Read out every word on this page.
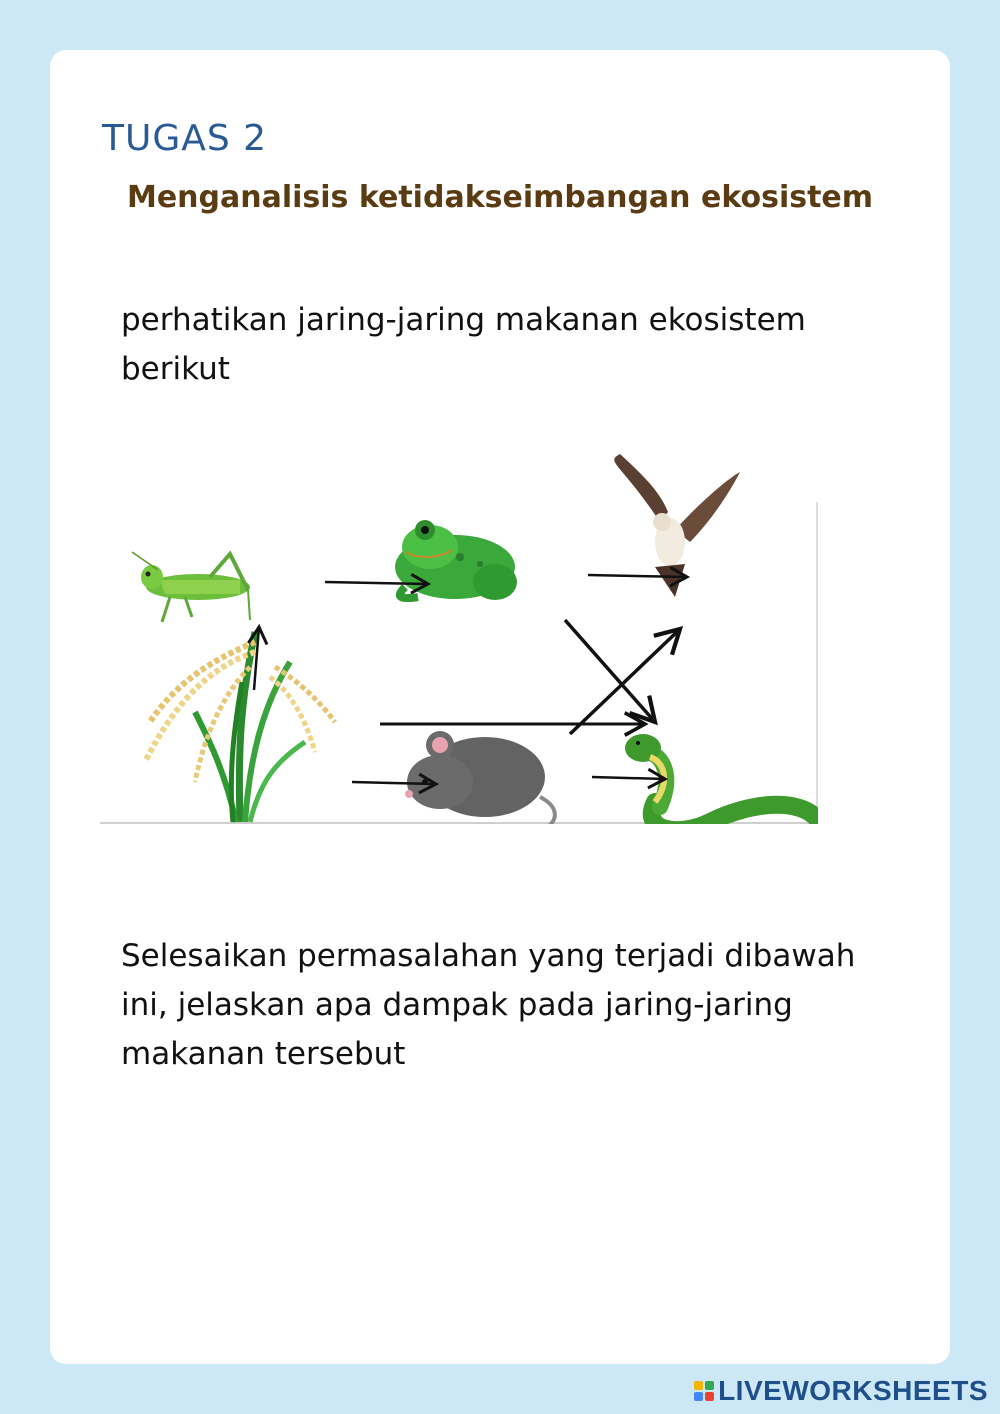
TUGAS 2
Menganalisis ketidakseimbangan ekosistem

perhatikan jaring-jaring makanan ekosistem berikut

Selesaikan permasalahan yang terjadi dibawah ini, jelaskan apa dampak pada jaring-jaring makanan tersebut

LIVEWORKSHEETS
